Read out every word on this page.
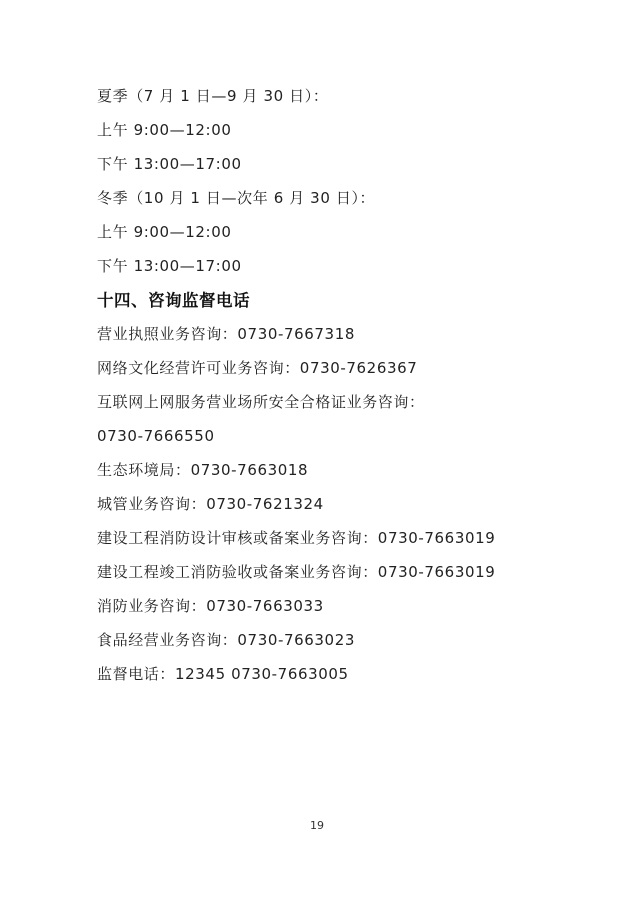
夏季（7 月 1 日—9 月 30 日）：
上午 9:00—12:00
下午 13:00—17:00
冬季（10 月 1 日—次年 6 月 30 日）：
上午 9:00—12:00
下午 13:00—17:00
十四、咨询监督电话
营业执照业务咨询：0730-7667318
网络文化经营许可业务咨询：0730-7626367
互联网上网服务营业场所安全合格证业务咨询：
0730-7666550
生态环境局：0730-7663018
城管业务咨询：0730-7621324
建设工程消防设计审核或备案业务咨询：0730-7663019
建设工程竣工消防验收或备案业务咨询：0730-7663019
消防业务咨询：0730-7663033
食品经营业务咨询：0730-7663023
监督电话：12345 0730-7663005
19
